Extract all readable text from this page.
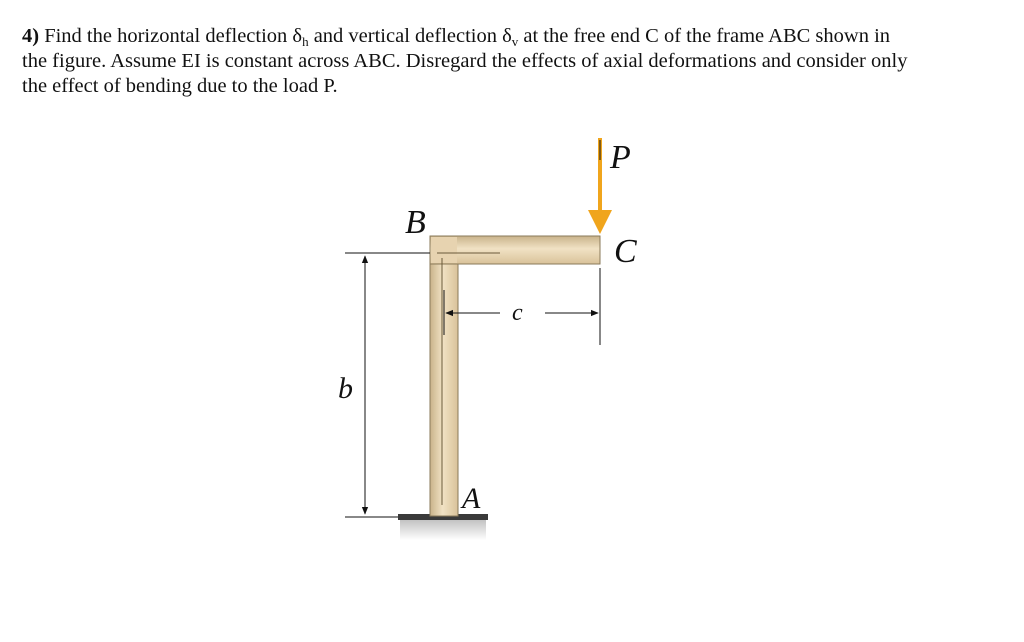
4) Find the horizontal deflection $\delta_h$ and vertical deflection $\delta_v$ at the free end C of the frame ABC shown in

the figure. Assume EI is constant across ABC. Disregard the effects of axial deformations and consider only

the effect of bending due to the load P.

P
B
C
c
b
A
